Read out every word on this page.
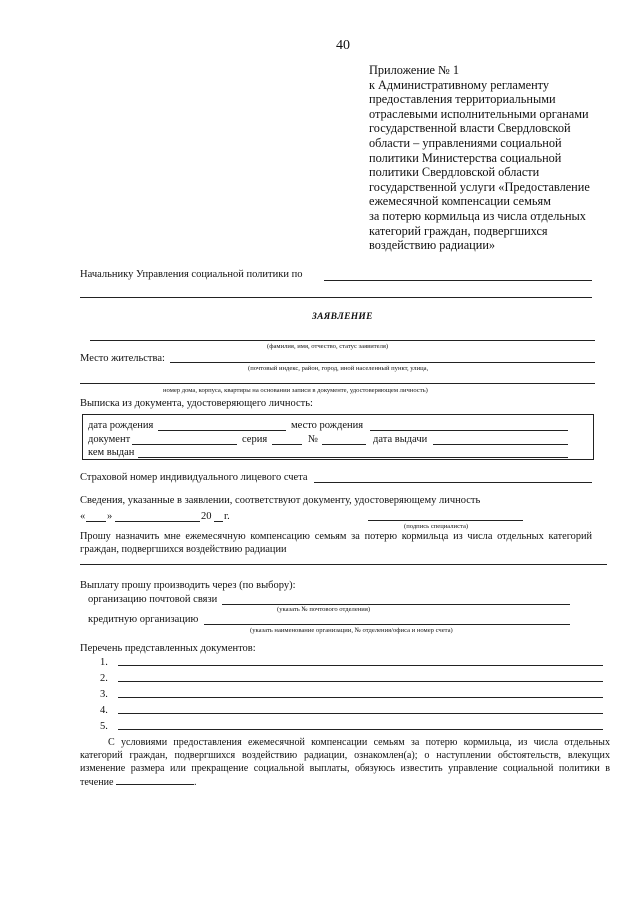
40
Приложение № 1
к Административному регламенту
предоставления территориальными
отраслевыми исполнительными органами
государственной власти Свердловской
области – управлениями социальной
политики Министерства социальной
политики Свердловской области
государственной услуги «Предоставление
ежемесячной компенсации семьям
за потерю кормильца из числа отдельных
категорий граждан, подвергшихся
воздействию радиации»
Начальнику Управления социальной политики по
ЗАЯВЛЕНИЕ
(фамилия, имя, отчество, статус заявителя)
Место жительства:
(почтовый индекс, район, город, иной населенный пункт, улица,
номер дома, корпуса, квартиры на основании записи в документе, удостоверяющем личность)
Выписка из документа, удостоверяющего личность:
дата рождения	место рождения
документ	серия	№	дата выдачи
кем выдан
Страховой номер индивидуального лицевого счета
Сведения, указанные в заявлении, соответствуют документу, удостоверяющему личность
« »	20 г.
(подпись специалиста)
Прошу назначить мне ежемесячную компенсацию семьям за потерю кормильца из числа отдельных категорий граждан, подвергшихся воздействию радиации
Выплату прошу производить через (по выбору):
организацию почтовой связи
(указать № почтового отделения)
кредитную организацию
(указать наименование организации, № отделения/офиса и номер счета)
Перечень представленных документов:
1.
2.
3.
4.
5.
С условиями предоставления ежемесячной компенсации семьям за потерю кормильца, из числа отдельных категорий граждан, подвергшихся воздействию радиации, ознакомлен(а); о наступлении обстоятельств, влекущих изменение размера или прекращение социальной выплаты, обязуюсь известить управление социальной политики в течение	.
